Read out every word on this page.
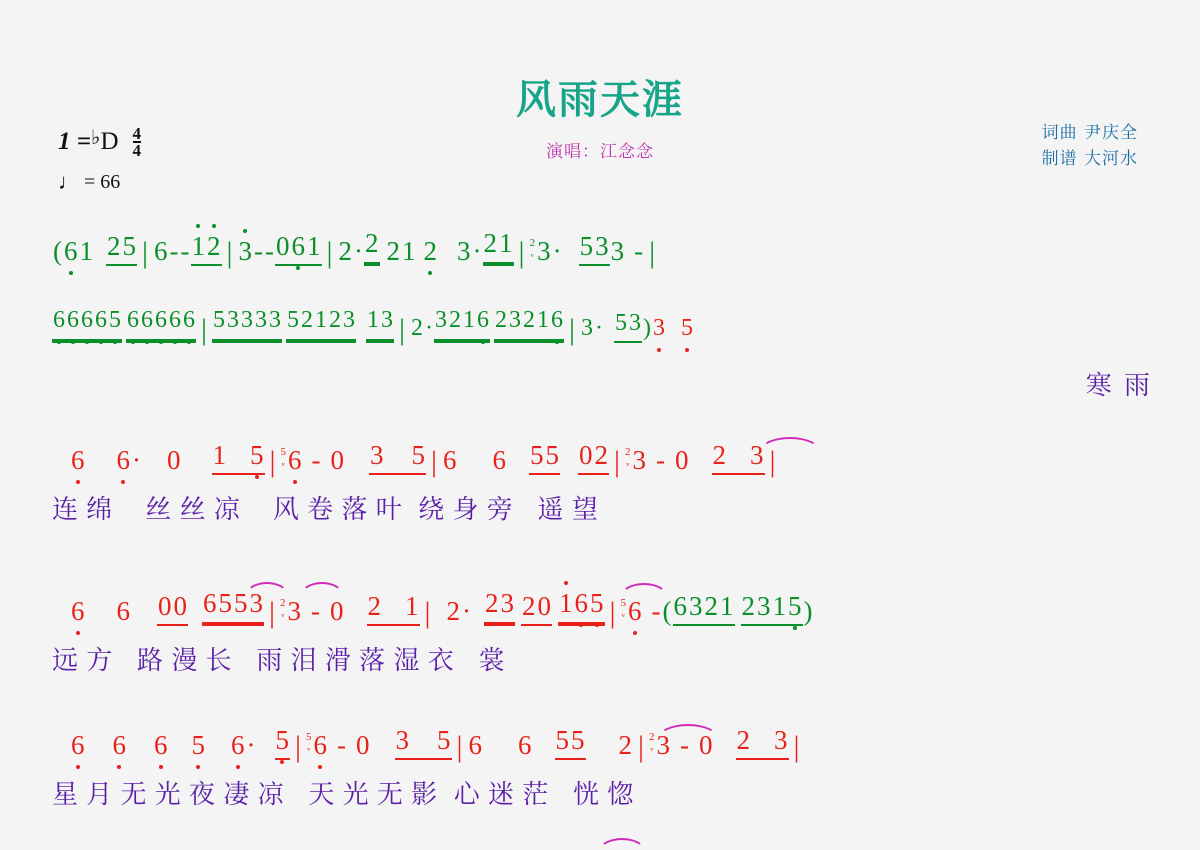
风雨天涯
演唱：江念念
词曲 尹庆全
制谱 大河水
1 = ♭ D $\frac{4}{4}$
♩ = 66
( 6 1 2 5 | 6 - - 1 2 | 3 - - 0 6 1 | 2 · 2 2 1 2 3 · 2 1 | 2
ᵥ 3 · 5 3 3 - |
6 6 6 6 5 6 6 6 6 6 | 5 3 3 3 3 5 2 1 2 3 1 3 | 2 · 3 2 1 6 2 3 2 1 6 | 3 · 5 3 ) 3 5
寒 雨
6 6 · 0 1 5 | 5
ᵥ 6 - 0 3 5 | 6 6 5 5 0 2 | 2
ᵥ 3 - 0 2 3 |
连 绵    丝 丝 凉    风 卷 落 叶  绕 身 旁   遥 望
6 6 0 0 6 5 5 3 | 2
ᵥ 3 - 0 2 1 | 2 · 2 3 2 0 1 6 5 | 5
ᵥ 6 - ( 6 3 2 1 2 3 1 5 )
远 方   路 漫 长   雨 泪 滑 落 湿 衣   裳
6 6 6 5 6 · 5 | 5
ᵥ 6 - 0 3 5 | 6 6 5 5 2 | 2
ᵥ 3 - 0 2 3 |
星 月 无 光 夜 凄 凉   天 光 无 影  心 迷 茫   恍 惚
